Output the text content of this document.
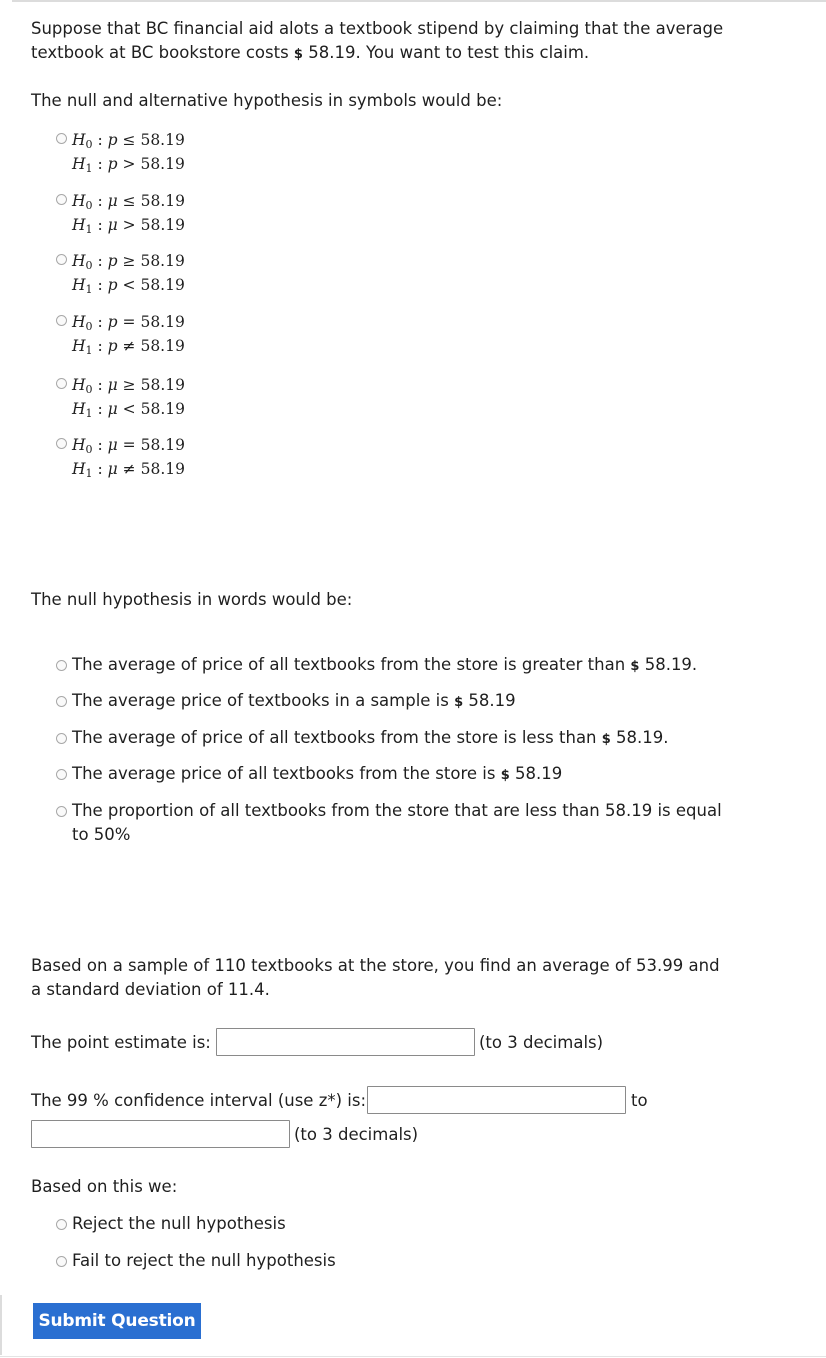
Suppose that BC financial aid alots a textbook stipend by claiming that the average

textbook at BC bookstore costs $ 58.19. You want to test this claim.

The null and alternative hypothesis in symbols would be:

$H_0$ : p ≤ 58.19
$H_1$ : p > 58.19
$H_0$ : μ ≤ 58.19
$H_1$ : μ > 58.19
$H_0$ : p ≥ 58.19
$H_1$ : p < 58.19
$H_0$ : p = 58.19
$H_1$ : p ≠ 58.19
$H_0$ : μ ≥ 58.19
$H_1$ : μ < 58.19
$H_0$ : μ = 58.19
$H_1$ : μ ≠ 58.19

The null hypothesis in words would be:

The average of price of all textbooks from the store is greater than $ 58.19.
The average price of textbooks in a sample is $ 58.19
The average of price of all textbooks from the store is less than $ 58.19.
The average price of all textbooks from the store is $ 58.19
The proportion of all textbooks from the store that are less than 58.19 is equal
to 50%

Based on a sample of 110 textbooks at the store, you find an average of 53.99 and

a standard deviation of 11.4.

The point estimate is:	(to 3 decimals)

The 99 % confidence interval (use z*) is:	to

(to 3 decimals)

Based on this we:

Reject the null hypothesis
Fail to reject the null hypothesis
Submit Question
